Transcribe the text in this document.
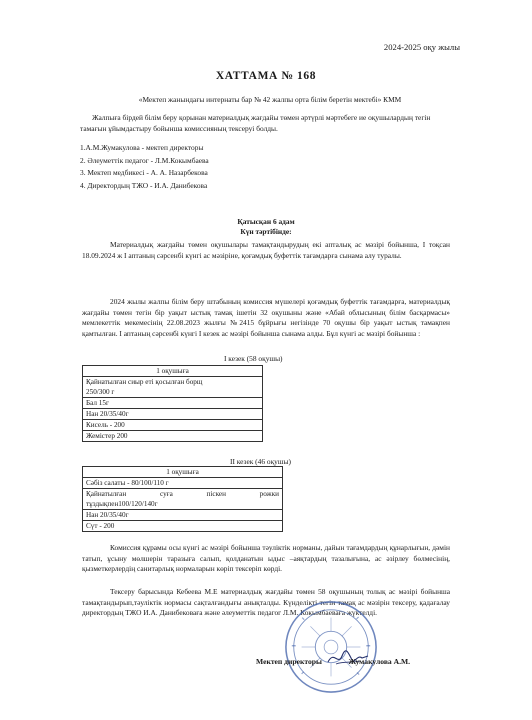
2024-2025 оқу жылы
ХАТТАМА № 168
«Мектеп жанындағы интернаты бар № 42 жалпы орта білім беретін мектебі» КММ
Жалпыға бірдей білім беру қорынан материалдық жағдайы төмен әртүрлі мәртебеге ие оқушылардың тегін тамағын ұйымдастыру бойынша комиссияның тексеруі болды.
1.А.М.Жумакулова - мектеп директоры
2. Әлеуметтік педагог - Л.М.Кокымбаева
3. Мектеп медбикесі - А. А. Назарбекова
4. Директордың ТЖО - И.А. Данибекова
Қатысқан 6 адам
Күн тәртібінде:
Материалдық жағдайы төмен оқушылары тамақтандырудың екі апталық ас мәзірі бойынша, I тоқсан 18.09.2024 ж I аптаның сәрсенбі күнгі ас мәзіріне, қоғамдық буфеттік тағамдарға сынама алу туралы.
2024 жылы жалпы білім беру штабының комиссия мүшелері қоғамдық буфеттік тағамдарға, материалдық жағдайы төмен тегін бір уақыт ыстық тамақ ішетін 32 оқушыны және «Абай облысының білім басқармасы» мемлекеттік мекемесінің 22.08.2023 жылғы №2415 бұйрығы негізінде 70 оқушы бір уақыт ыстық тамақпен қамтылған. I аптаның сәрсенбі күнгі I кезек ас мәзірі бойынша сынама алды. Бұл күнгі ас мәзірі бойынша :
I кезек (58 оқушы)
1 оқушыға

Қайнатылған сиыр еті қосылған борщ
250/300 г

Бал 15г
Нан 20/35/40г
Кисель - 200
Жемістер 200
II кезек (46 оқушы)
1 оқушыға
Сәбіз салаты - 80/100/110 г

Қайнатылған	суға	піскен	рожки
тұздықпен100/120/140г

Нан 20/35/40г
Сүт - 200
Комиссия құрамы осы күнгі ас мәзірі бойынша тәуліктік норманы, дайын тағамдардың құнарлығын, дәмін татып, ұсыну мөлшерін таразыға салып, қолданатын ыдыс –аяқтардың тазалығына, ас әзірлеу бөлмесінің, қызметкерлердің санитарлық нормаларын көріп тексеріп көрді.
Тексеру барысында Кебеева М.Е материалдық жағдайы төмен 58 оқушының толық ас мәзірі бойынша тамақтандырып,тәуліктік нормасы сақталғандығы анықталды. Күнделікті тегін тамақ ас мәзірін тексеру, қадағалау директордың ТЖО И.А. Данибековаға және әлеуметтік педагог Л.М. Кокымбаеваға жүктелді.
Мектеп директоры              Жумакулова А.М.
